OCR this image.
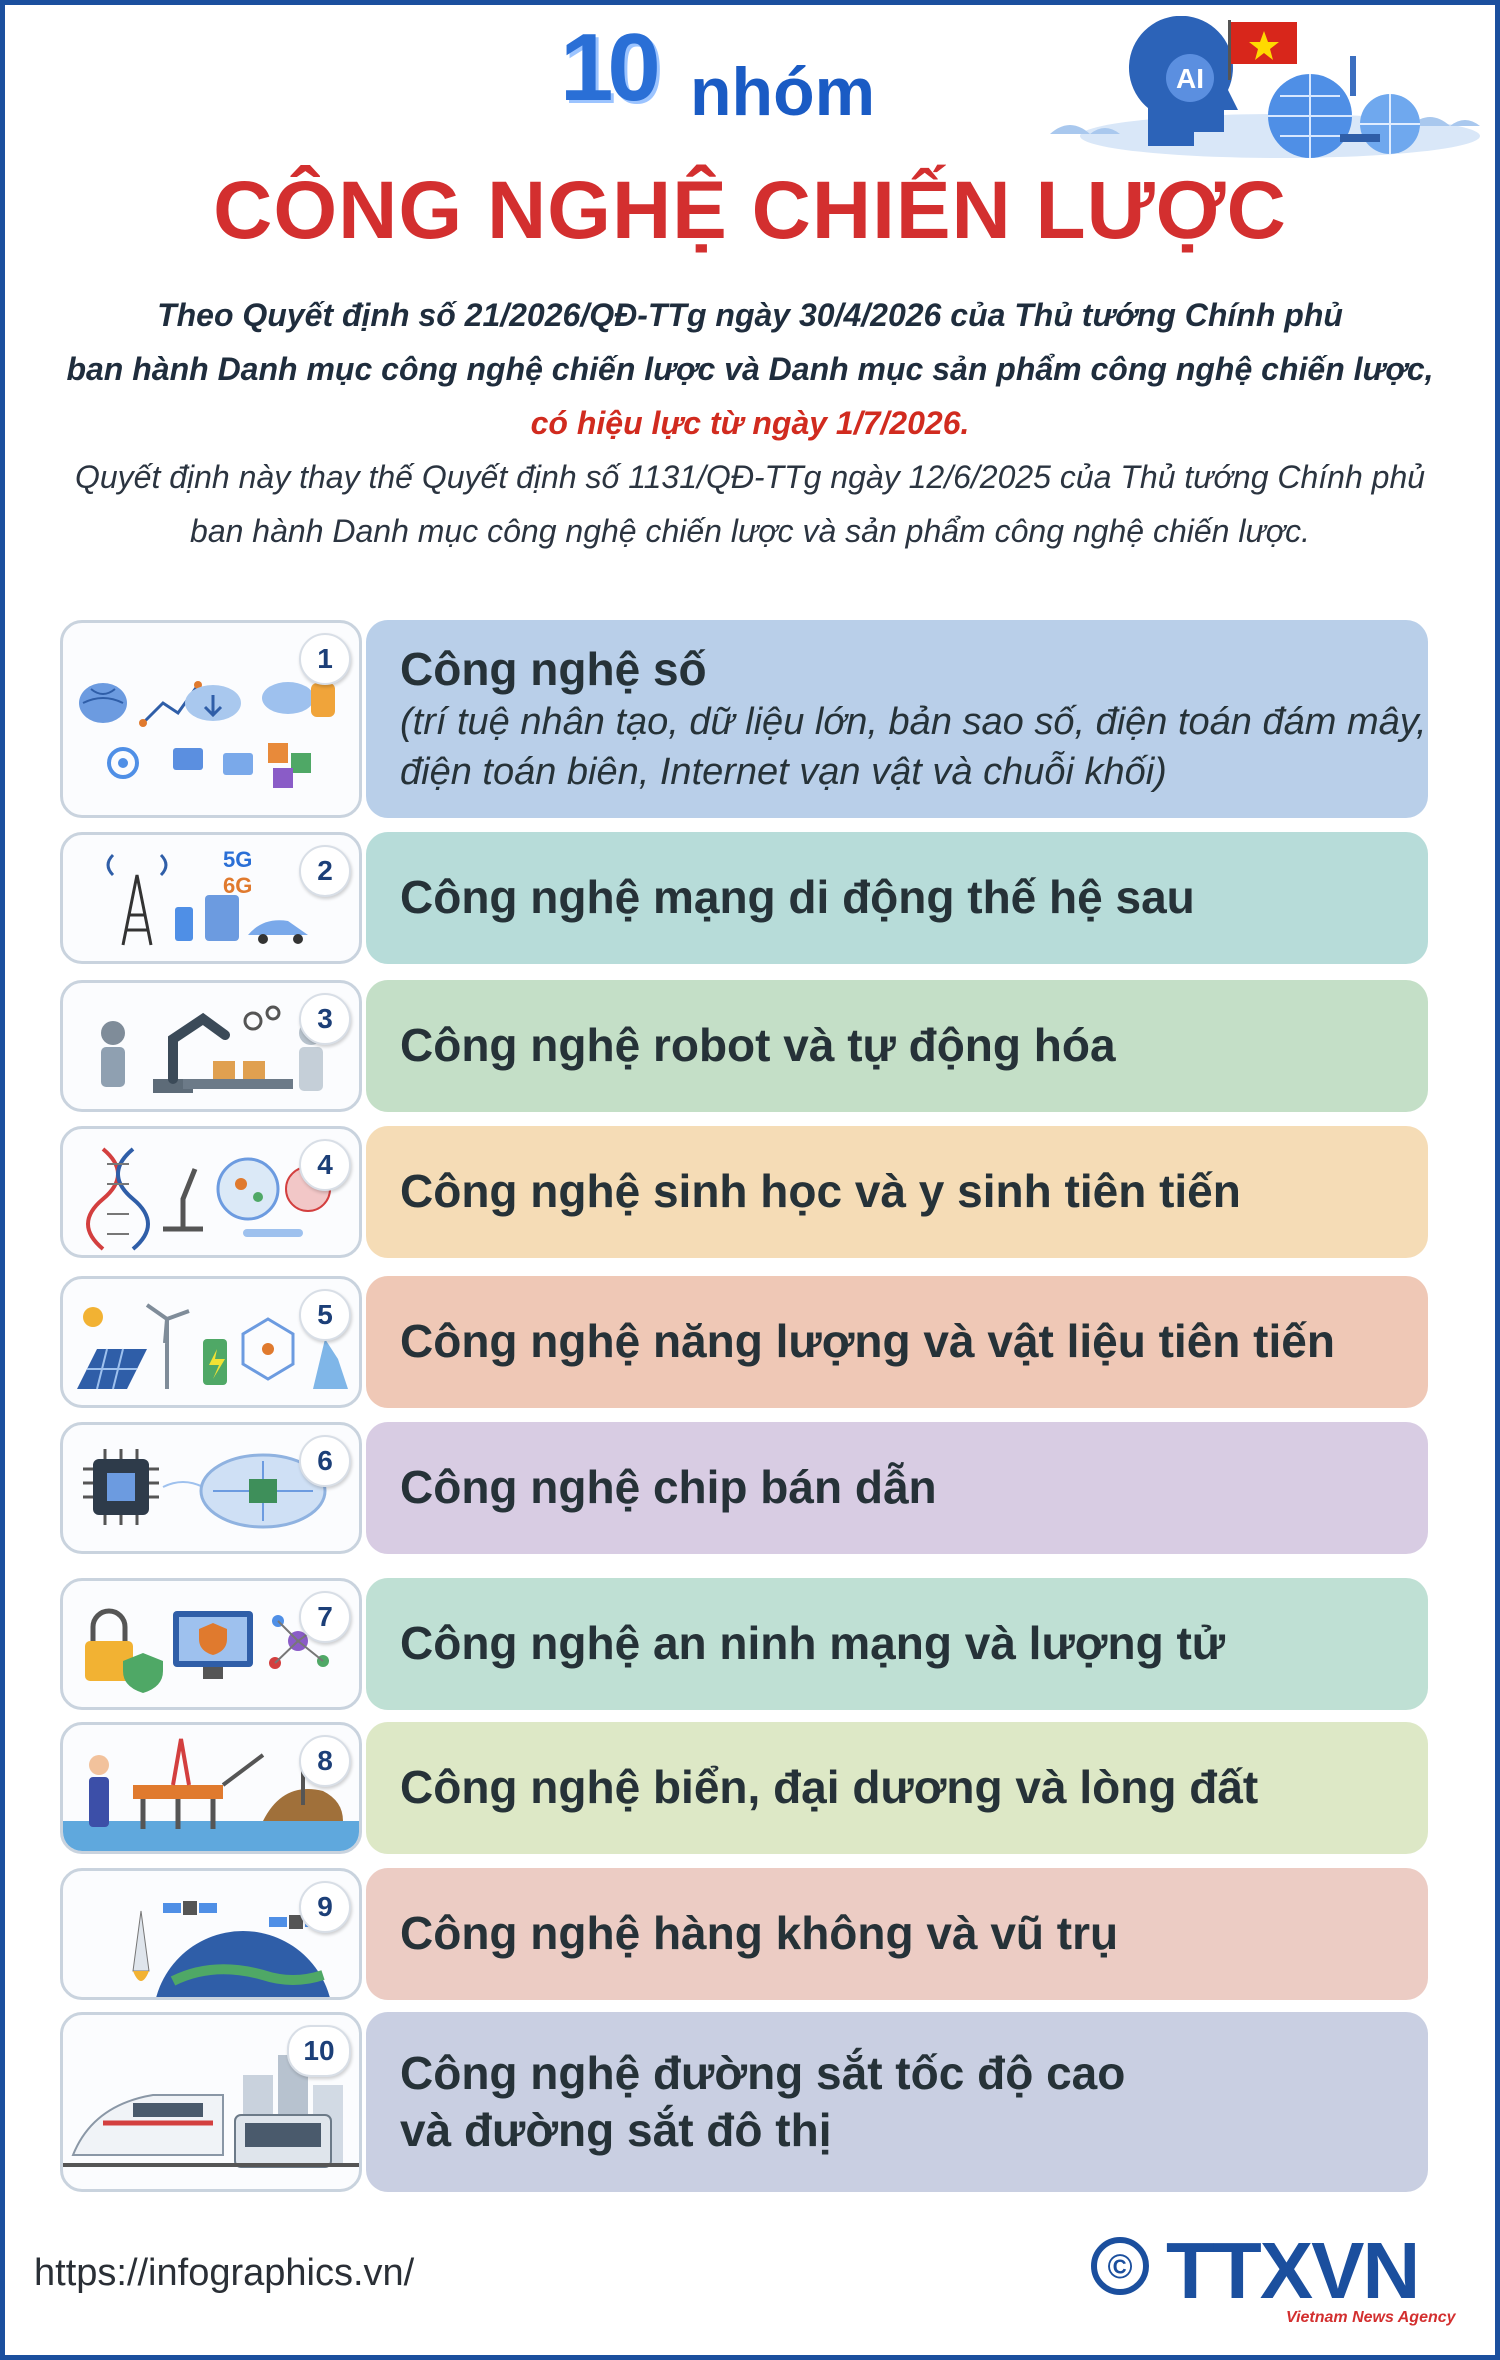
10 nhóm
CÔNG NGHỆ CHIẾN LƯỢC
AI

Theo Quyết định số 21/2026/QĐ-TTg ngày 30/4/2026 của Thủ tướng Chính phủ

ban hành Danh mục công nghệ chiến lược và Danh mục sản phẩm công nghệ chiến lược,

có hiệu lực từ ngày 1/7/2026.

Quyết định này thay thế Quyết định số 1131/QĐ-TTg ngày 12/6/2025 của Thủ tướng Chính phủ

ban hành Danh mục công nghệ chiến lược và sản phẩm công nghệ chiến lược.

1	Công nghệ số
(trí tuệ nhân tạo, dữ liệu lớn, bản sao số, điện toán đám mây,
điện toán biên, Internet vạn vật và chuỗi khối)
5G
6G	2
Công nghệ mạng di động thế hệ sau
3
Công nghệ robot và tự động hóa
4
Công nghệ sinh học và y sinh tiên tiến
5
Công nghệ năng lượng và vật liệu tiên tiến
6
Công nghệ chip bán dẫn
7
Công nghệ an ninh mạng và lượng tử
8
Công nghệ biển, đại dương và lòng đất
9
Công nghệ hàng không và vũ trụ
10	Công nghệ đường sắt tốc độ cao
và đường sắt đô thị
https://infographics.vn/	© TTXVN
Vietnam News Agency
